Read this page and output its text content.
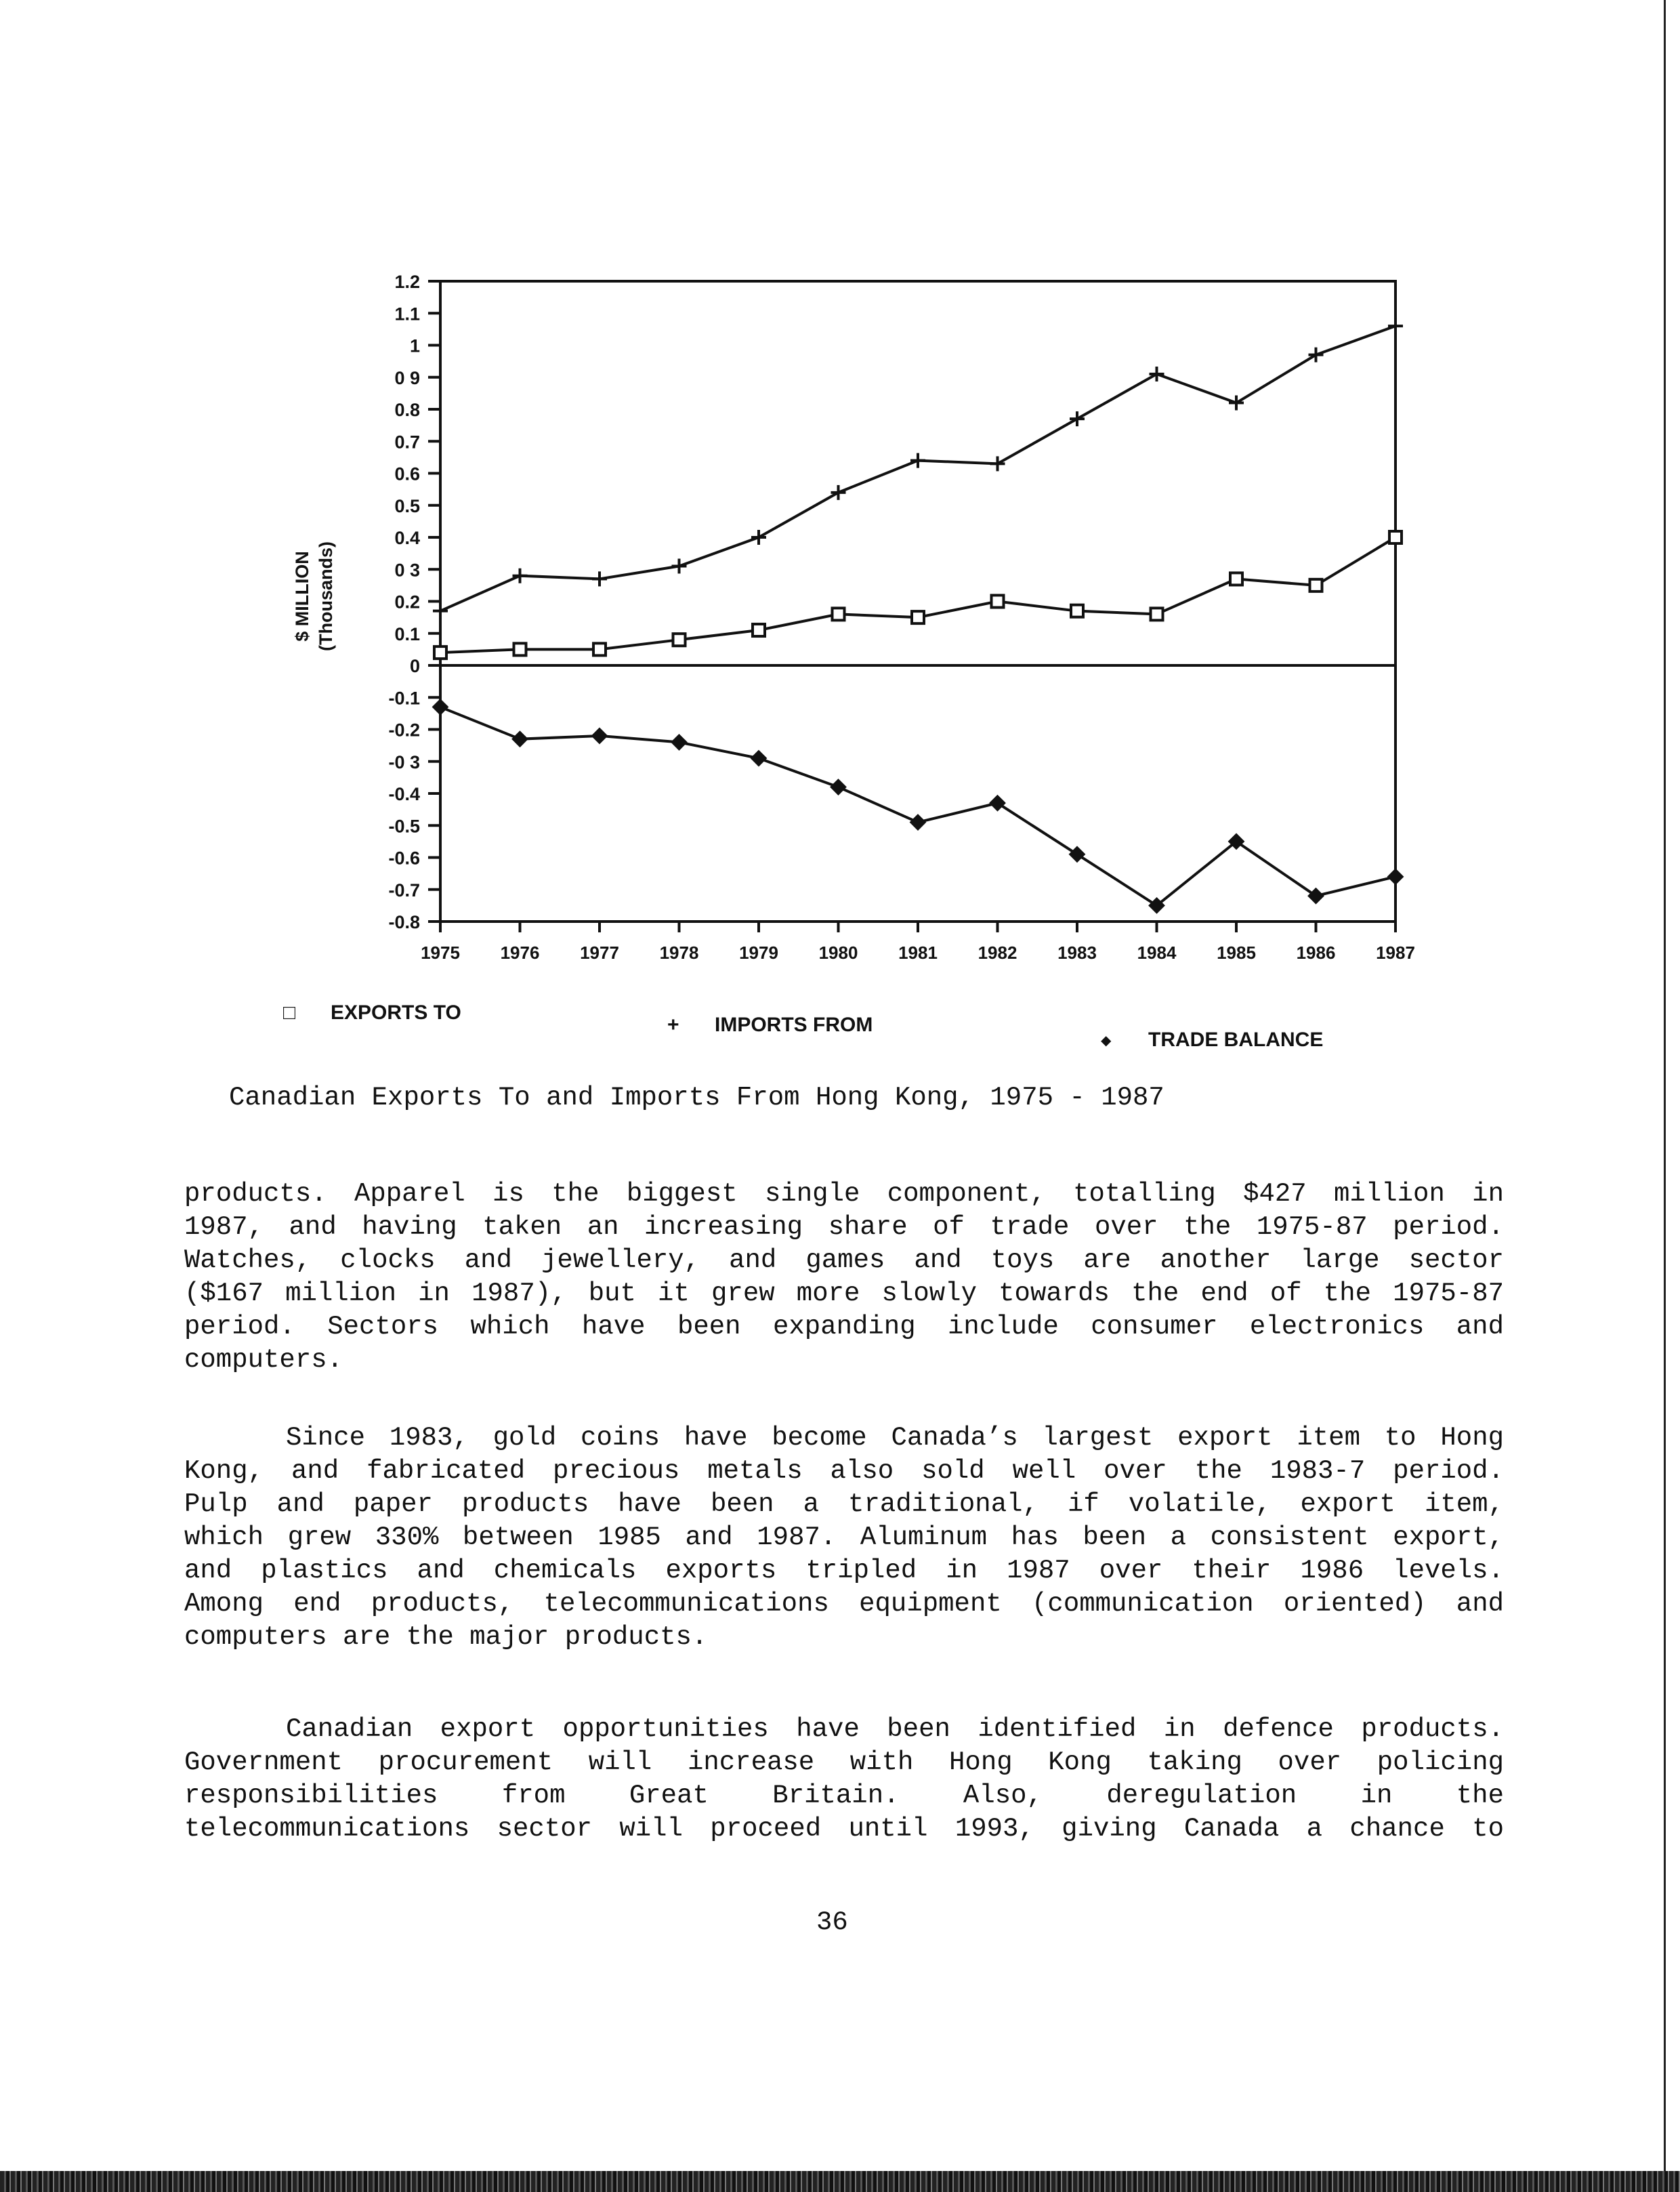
1.2
1.1
1
0 9
0.8
0.7
0.6
0.5
0.4
0 3
0.2
0.1
0
-0.1
-0.2
-0 3
-0.4
-0.5
-0.6
-0.7
-0.8
1975 1976 1977 1978 1979 1980 1981 1982 1983 1984 1985 1986 1987
$ MILLION (Thousands)
□	EXPORTS TO
+	IMPORTS FROM
◆	TRADE BALANCE
Canadian Exports To and Imports From Hong Kong, 1975 - 1987
products. Apparel is the biggest single component, totalling $427 million in
1987, and having taken an increasing share of trade over the 1975-87 period.
Watches, clocks and jewellery, and games and toys are another large sector
($167 million in 1987), but it grew more slowly towards the end of the 1975-87
period. Sectors which have been expanding include consumer electronics and
computers.
Since 1983, gold coins have become Canada’s largest export item to Hong
Kong, and fabricated precious metals also sold well over the 1983-7 period.
Pulp and paper products have been a traditional, if volatile, export item,
which grew 330% between 1985 and 1987. Aluminum has been a consistent export,
and plastics and chemicals exports tripled in 1987 over their 1986 levels.
Among end products, telecommunications equipment (communication oriented) and
computers are the major products.
Canadian export opportunities have been identified in defence products.
Government procurement will increase with Hong Kong taking over policing
responsibilities from Great Britain. Also, deregulation in the
telecommunications sector will proceed until 1993, giving Canada a chance to
36
